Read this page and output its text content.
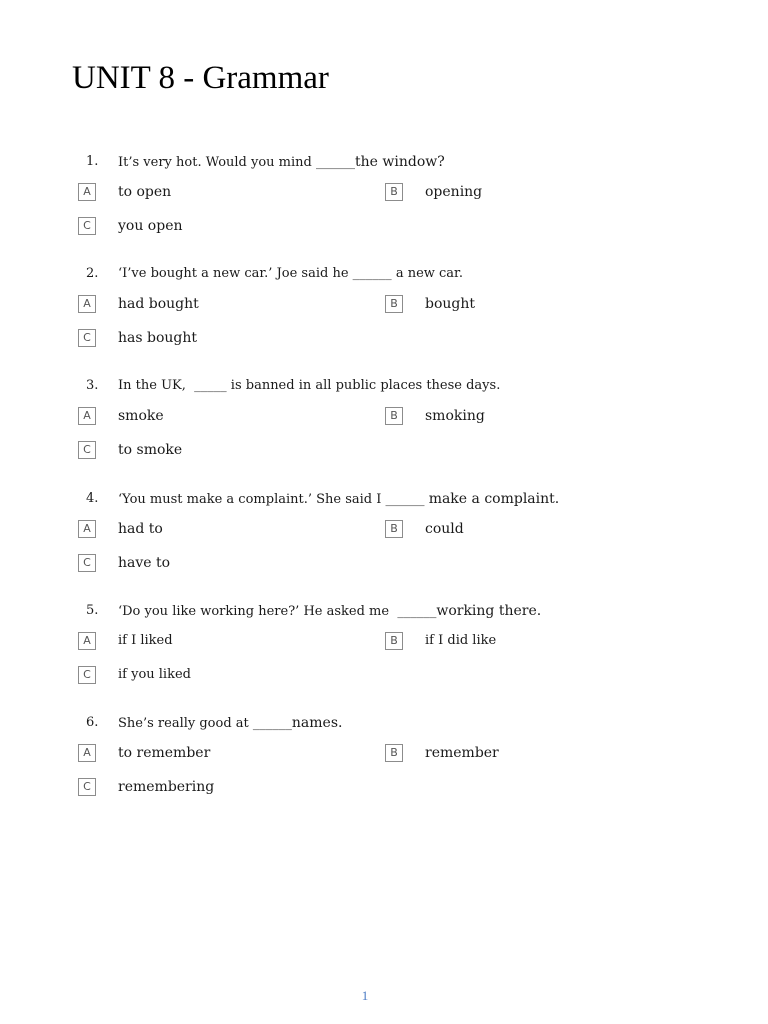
UNIT 8 - Grammar
1. It’s very hot. Would you mind ______the window?
A	to open	B	opening
C	you open
2. ‘I’ve bought a new car.’ Joe said he ______ a new car.
A	had bought	B	bought
C	has bought
3. In the UK, _____ is banned in all public places these days.
A	smoke	B	smoking
C	to smoke
4. ‘You must make a complaint.’ She said I ______ make a complaint.
A	had to	B	could
C	have to
5. ‘Do you like working here?’ He asked me ______working there.
A	if I liked	B	if I did like
C	if you liked
6. She’s really good at ______names.
A	to remember	B	remember
C	remembering
1
